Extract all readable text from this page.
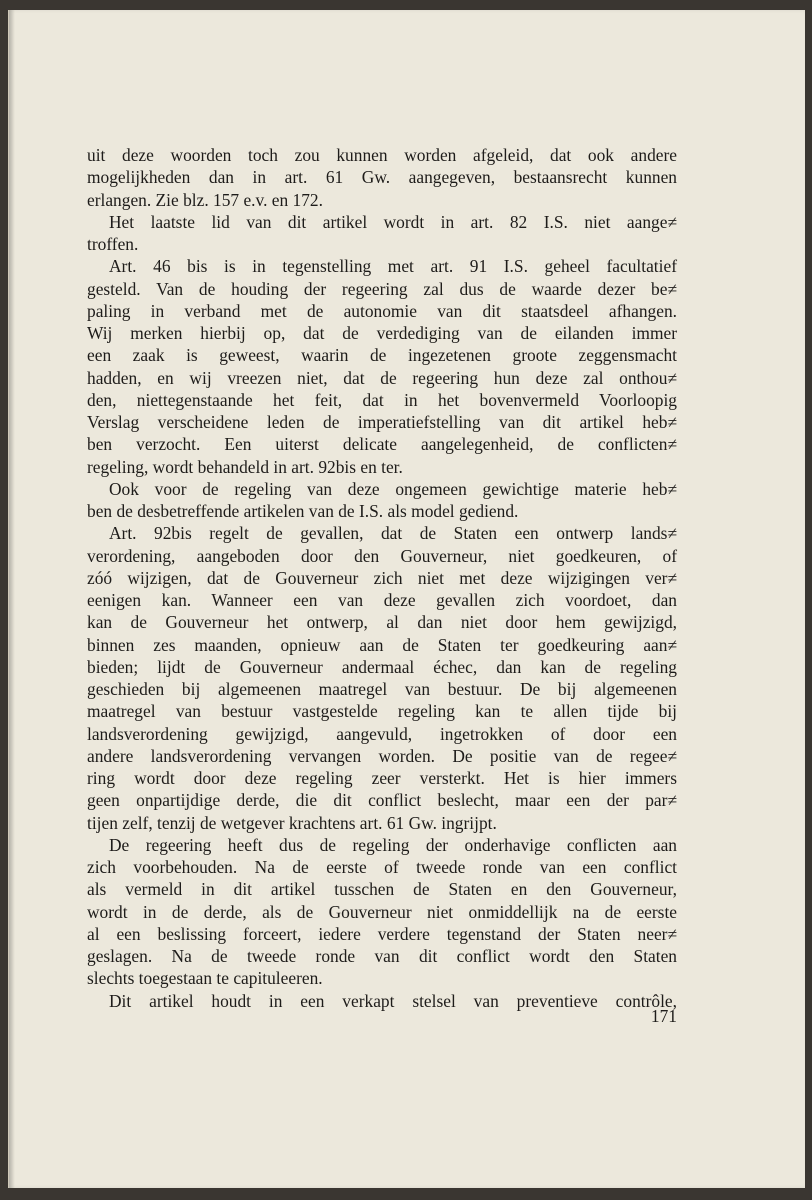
uit deze woorden toch zou kunnen worden afgeleid, dat ook andere
mogelijkheden dan in art. 61 Gw. aangegeven, bestaansrecht kunnen
erlangen. Zie blz. 157 e.v. en 172.
Het laatste lid van dit artikel wordt in art. 82 I.S. niet aange≠
troffen.
Art. 46 bis is in tegenstelling met art. 91 I.S. geheel facultatief
gesteld. Van de houding der regeering zal dus de waarde dezer be≠
paling in verband met de autonomie van dit staatsdeel afhangen.
Wij merken hierbij op, dat de verdediging van de eilanden immer
een zaak is geweest, waarin de ingezetenen groote zeggensmacht
hadden, en wij vreezen niet, dat de regeering hun deze zal onthou≠
den, niettegenstaande het feit, dat in het bovenvermeld Voorloopig
Verslag verscheidene leden de imperatiefstelling van dit artikel heb≠
ben verzocht. Een uiterst delicate aangelegenheid, de conflicten≠
regeling, wordt behandeld in art. 92bis en ter.
Ook voor de regeling van deze ongemeen gewichtige materie heb≠
ben de desbetreffende artikelen van de I.S. als model gediend.
Art. 92bis regelt de gevallen, dat de Staten een ontwerp lands≠
verordening, aangeboden door den Gouverneur, niet goedkeuren, of
zóó wijzigen, dat de Gouverneur zich niet met deze wijzigingen ver≠
eenigen kan. Wanneer een van deze gevallen zich voordoet, dan
kan de Gouverneur het ontwerp, al dan niet door hem gewijzigd,
binnen zes maanden, opnieuw aan de Staten ter goedkeuring aan≠
bieden; lijdt de Gouverneur andermaal échec, dan kan de regeling
geschieden bij algemeenen maatregel van bestuur. De bij algemeenen
maatregel van bestuur vastgestelde regeling kan te allen tijde bij
landsverordening gewijzigd, aangevuld, ingetrokken of door een
andere landsverordening vervangen worden. De positie van de regee≠
ring wordt door deze regeling zeer versterkt. Het is hier immers
geen onpartijdige derde, die dit conflict beslecht, maar een der par≠
tijen zelf, tenzij de wetgever krachtens art. 61 Gw. ingrijpt.
De regeering heeft dus de regeling der onderhavige conflicten aan
zich voorbehouden. Na de eerste of tweede ronde van een conflict
als vermeld in dit artikel tusschen de Staten en den Gouverneur,
wordt in de derde, als de Gouverneur niet onmiddellijk na de eerste
al een beslissing forceert, iedere verdere tegenstand der Staten neer≠
geslagen. Na de tweede ronde van dit conflict wordt den Staten
slechts toegestaan te capituleeren.
Dit artikel houdt in een verkapt stelsel van preventieve contrôle,
171
